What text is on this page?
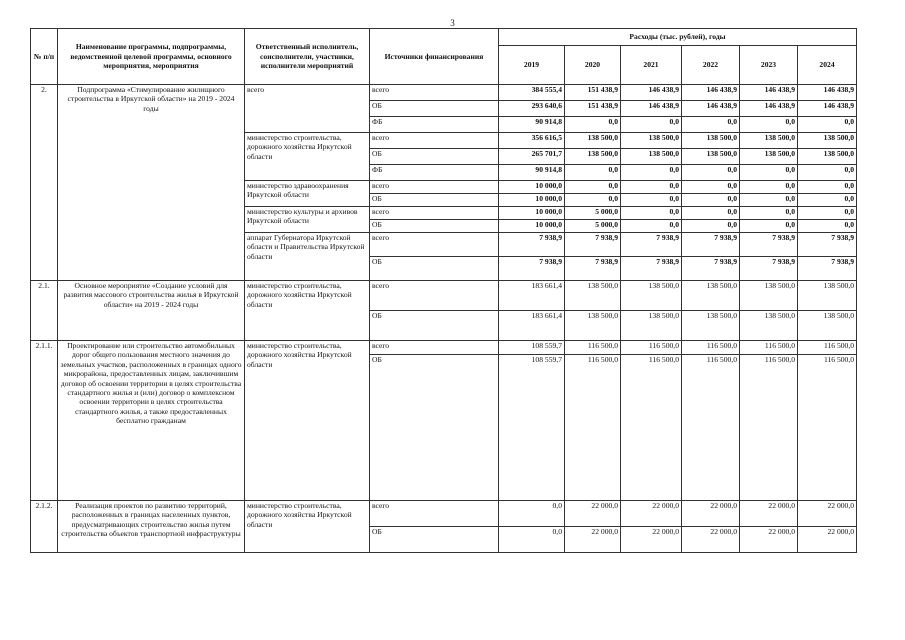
3
№ п/п	Наименование программы, подпрограммы, ведомственной целевой программы, основного мероприятия, мероприятия	Ответственный исполнитель, соисполнители, участники, исполнители мероприятий	Источники финансирования	Расходы (тыс. рублей), годы					
				2019	2020	2021	2022	2023	2024
2.	Подпрограмма «Стимулирование жилищного строительства в Иркутской области» на 2019 - 2024 годы	всего	всего	384 555,4	151 438,9	146 438,9	146 438,9	146 438,9	146 438,9
			ОБ	293 640,6	151 438,9	146 438,9	146 438,9	146 438,9	146 438,9
			ФБ	90 914,8	0,0	0,0	0,0	0,0	0,0
		министерство строительства, дорожного хозяйства Иркутской области	всего	356 616,5	138 500,0	138 500,0	138 500,0	138 500,0	138 500,0
			ОБ	265 701,7	138 500,0	138 500,0	138 500,0	138 500,0	138 500,0
			ФБ	90 914,8	0,0	0,0	0,0	0,0	0,0
		министерство здравоохранения Иркутской области	всего	10 000,0	0,0	0,0	0,0	0,0	0,0
			ОБ	10 000,0	0,0	0,0	0,0	0,0	0,0
		министерство культуры и архивов Иркутской области	всего	10 000,0	5 000,0	0,0	0,0	0,0	0,0
			ОБ	10 000,0	5 000,0	0,0	0,0	0,0	0,0
		аппарат Губернатора Иркутской области и Правительства Иркутской области	всего	7 938,9	7 938,9	7 938,9	7 938,9	7 938,9	7 938,9
			ОБ	7 938,9	7 938,9	7 938,9	7 938,9	7 938,9	7 938,9
2.1.	Основное мероприятие «Создание условий для развития массового строительства жилья в Иркутской области» на 2019 - 2024 годы	министерство строительства, дорожного хозяйства Иркутской области	всего	183 661,4	138 500,0	138 500,0	138 500,0	138 500,0	138 500,0
			ОБ	183 661,4	138 500,0	138 500,0	138 500,0	138 500,0	138 500,0
2.1.1.	Проектирование или строительство автомобильных дорог общего пользования местного значения до земельных участков, расположенных в границах одного микрорайона, предоставленных лицам, заключившим договор об освоении территории в целях строительства стандартного жилья и (или) договор о комплексном освоении территории в целях строительства стандартного жилья, а также предоставленных бесплатно гражданам	министерство строительства, дорожного хозяйства Иркутской области	всего	108 559,7	116 500,0	116 500,0	116 500,0	116 500,0	116 500,0
			ОБ	108 559,7	116 500,0	116 500,0	116 500,0	116 500,0	116 500,0
2.1.2.	Реализация проектов по развитию территорий, расположенных в границах населенных пунктов, предусматривающих строительство жилья путем строительства объектов транспортной инфраструктуры	министерство строительства, дорожного хозяйства Иркутской области	всего	0,0	22 000,0	22 000,0	22 000,0	22 000,0	22 000,0
			ОБ	0,0	22 000,0	22 000,0	22 000,0	22 000,0	22 000,0
